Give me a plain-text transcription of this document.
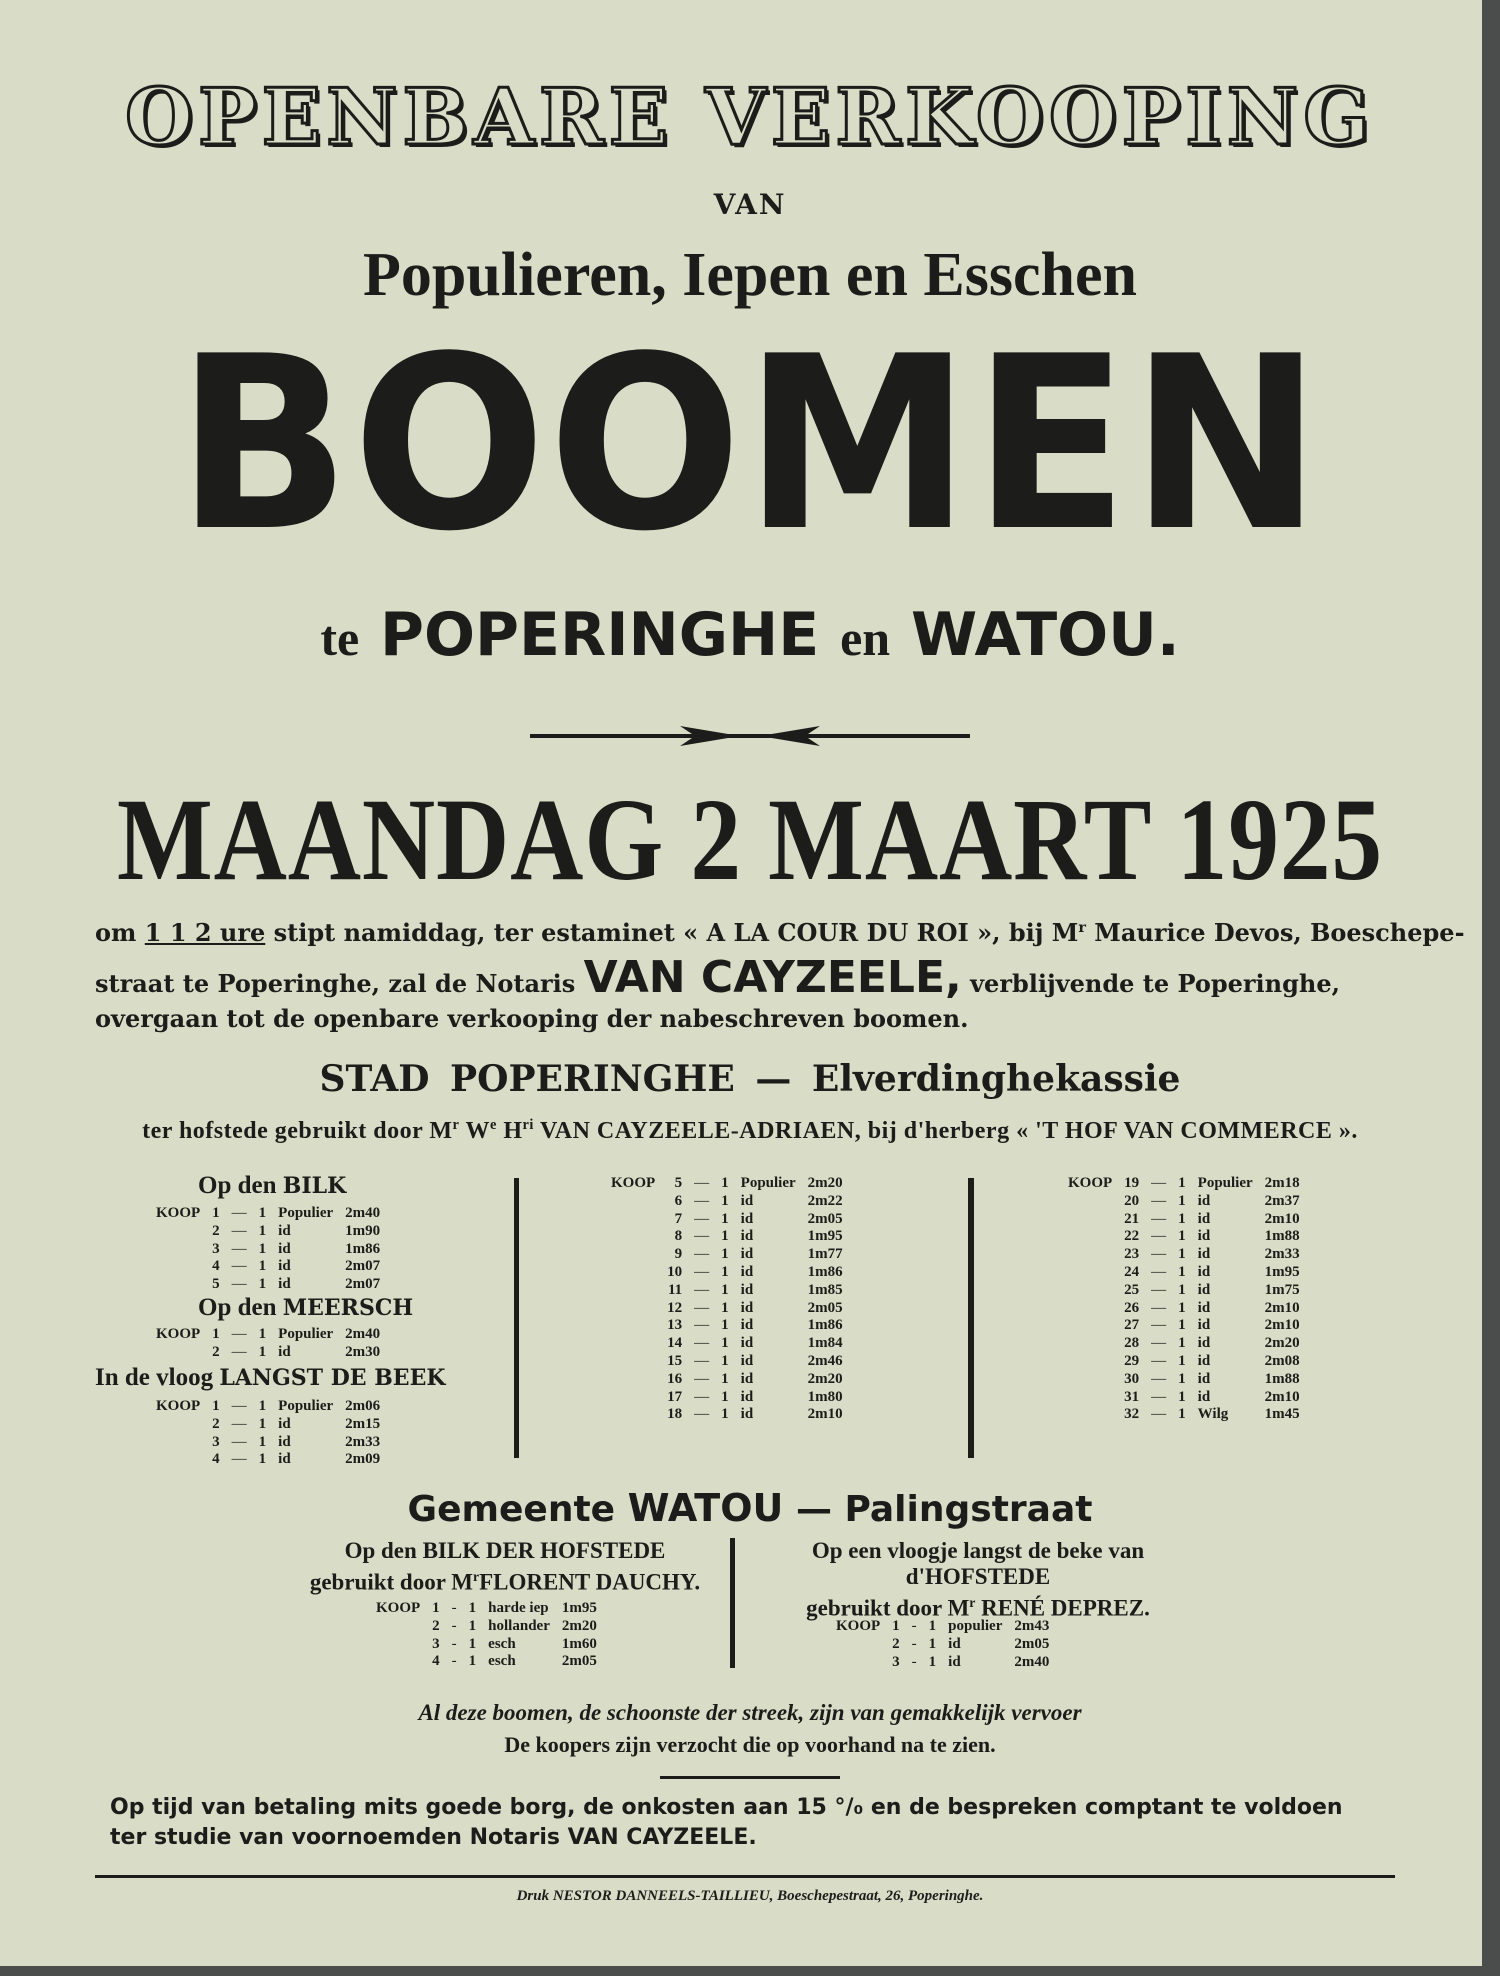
OPENBARE VERKOOPING
VAN
Populieren, Iepen en Esschen
BOOMEN
te POPERINGHE en WATOU.
MAANDAG 2 MAART 1925
om 1 1 2 ure stipt namiddag, ter estaminet « A LA COUR DU ROI », bij $M^r$ Maurice Devos, Boeschepe-
straat te Poperinghe, zal de Notaris VAN CAYZEELE, verblijvende te Poperinghe,
overgaan tot de openbare verkooping der nabeschreven boomen.
STAD POPERINGHE — Elverdinghekassie
ter hofstede gebruikt door $M^r$ $W^e$ $H^{ri}$ VAN CAYZEELE-ADRIAEN, bij d'herberg « 'T HOF VAN COMMERCE ».
Op den BILK
KOOP	1	—	1	Populier	2m40
	2	—	1	id	1m90
	3	—	1	id	1m86
	4	—	1	id	2m07
	5	—	1	id	2m07
Op den MEERSCH
KOOP	1	—	1	Populier	2m40
	2	—	1	id	2m30
In de vloog LANGST DE BEEK
KOOP	1	—	1	Populier	2m06
	2	—	1	id	2m15
	3	—	1	id	2m33
	4	—	1	id	2m09
KOOP	5	—	1	Populier	2m20
	6	—	1	id	2m22
	7	—	1	id	2m05
	8	—	1	id	1m95
	9	—	1	id	1m77
	10	—	1	id	1m86
	11	—	1	id	1m85
	12	—	1	id	2m05
	13	—	1	id	1m86
	14	—	1	id	1m84
	15	—	1	id	2m46
	16	—	1	id	2m20
	17	—	1	id	1m80
	18	—	1	id	2m10
KOOP	19	—	1	Populier	2m18
	20	—	1	id	2m37
	21	—	1	id	2m10
	22	—	1	id	1m88
	23	—	1	id	2m33
	24	—	1	id	1m95
	25	—	1	id	1m75
	26	—	1	id	2m10
	27	—	1	id	2m10
	28	—	1	id	2m20
	29	—	1	id	2m08
	30	—	1	id	1m88
	31	—	1	id	2m10
	32	—	1	Wilg	1m45
Gemeente WATOU — Palingstraat
Op den BILK DER HOFSTEDE
gebruikt door $M^rFLORENT$ DAUCHY.
KOOP	1	-	1	harde iep	1m95
	2	-	1	hollander	2m20
	3	-	1	esch	1m60
	4	-	1	esch	2m05
Op een vloogje langst de beke van
d'HOFSTEDE
gebruikt door $M^r$ RENÉ DEPREZ.
KOOP	1	-	1	populier	2m43
	2	-	1	id	2m05
	3	-	1	id	2m40
Al deze boomen, de schoonste der streek, zijn van gemakkelijk vervoer
De koopers zijn verzocht die op voorhand na te zien.
Op tijd van betaling mits goede borg, de onkosten aan 15 °/₀ en de bespreken comptant te voldoen
ter studie van voornoemden Notaris VAN CAYZEELE.
Druk NESTOR DANNEELS-TAILLIEU, Boeschepestraat, 26, Poperinghe.
